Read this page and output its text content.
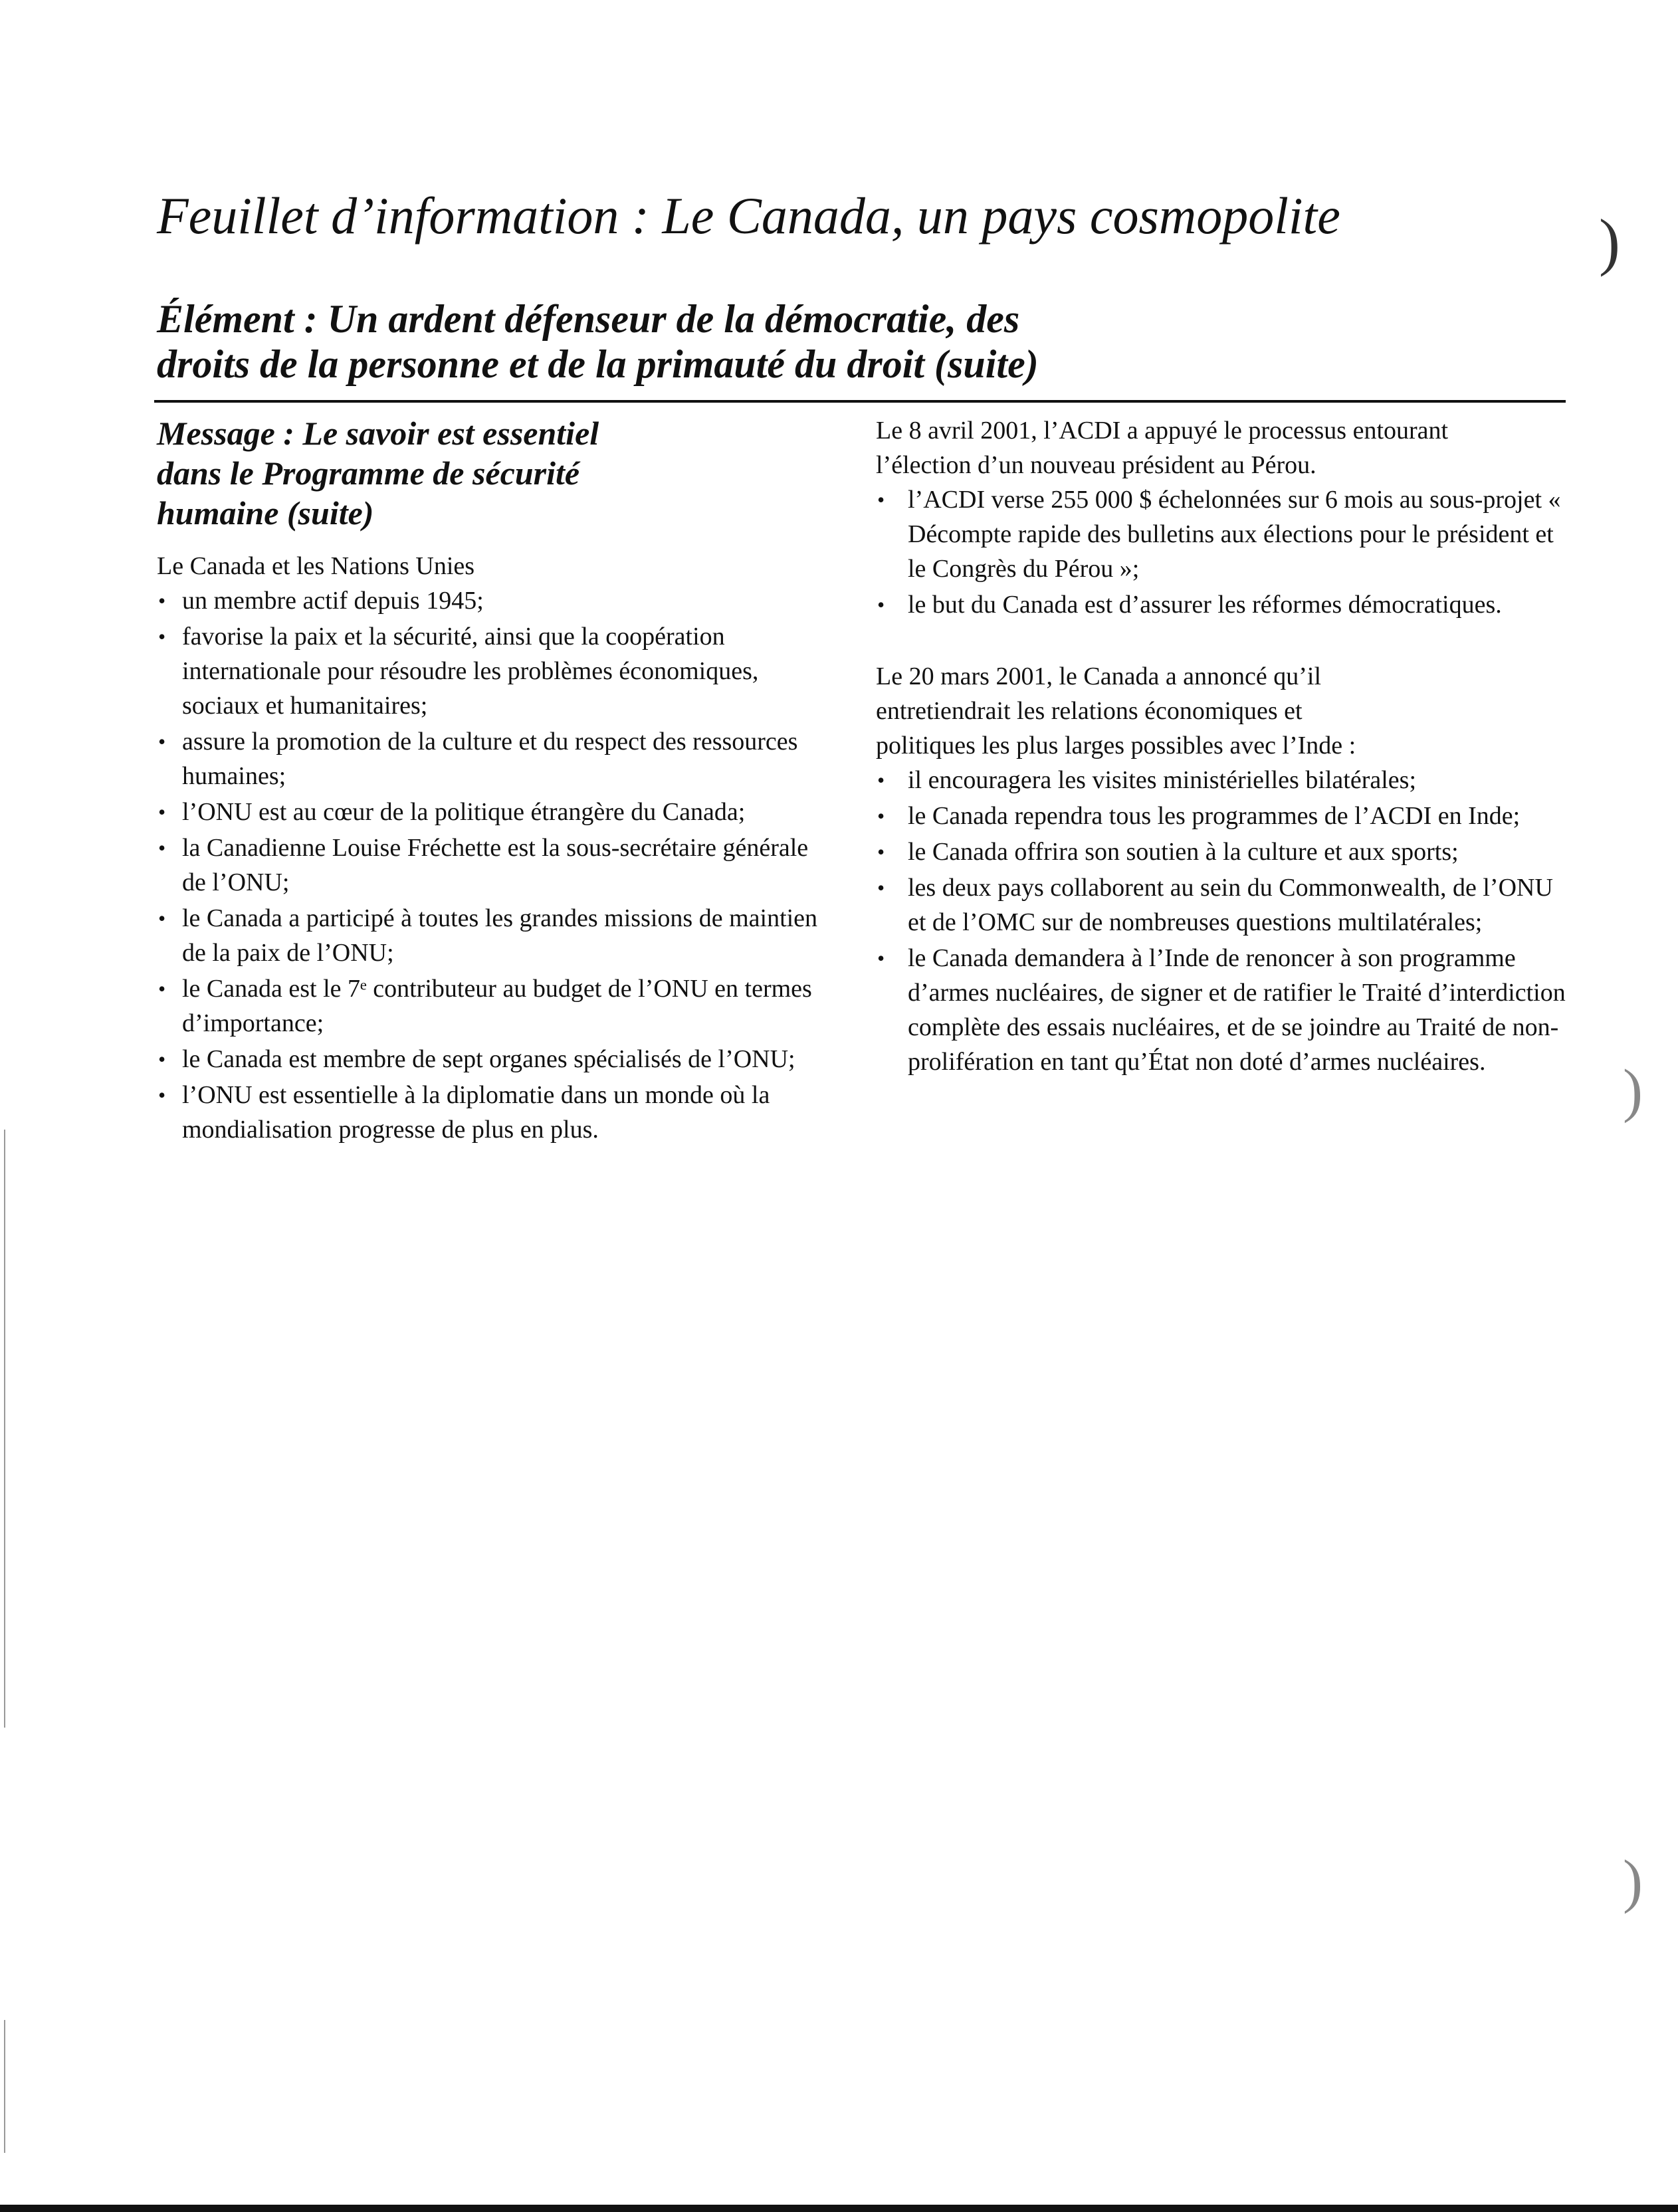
Feuillet d’information : Le Canada, un pays cosmopolite
Élément : Un ardent défenseur de la démocratie, des
droits de la personne et de la primauté du droit (suite)
Message : Le savoir est essentiel
dans le Programme de sécurité
humaine (suite)

Le Canada et les Nations Unies

• un membre actif depuis 1945;
• favorise la paix et la sécurité, ainsi que la coopération internationale pour résoudre les problèmes économiques, sociaux et humanitaires;
• assure la promotion de la culture et du respect des ressources humaines;
• l’ONU est au cœur de la politique étrangère du Canada;
• la Canadienne Louise Fréchette est la sous-secrétaire générale de l’ONU;
• le Canada a participé à toutes les grandes missions de maintien de la paix de l’ONU;
• le Canada est le 7ᵉ contributeur au budget de l’ONU en termes d’importance;
• le Canada est membre de sept organes spécialisés de l’ONU;
• l’ONU est essentielle à la diplomatie dans un monde où la mondialisation progresse de plus en plus.

Le 8 avril 2001, l’ACDI a appuyé le processus entourant
l’élection d’un nouveau président au Pérou.

• l’ACDI verse 255 000 $ échelonnées sur 6 mois au sous-projet « Décompte rapide des bulletins aux élections pour le président et le Congrès du Pérou »;
• le but du Canada est d’assurer les réformes démocratiques.

Le 20 mars 2001, le Canada a annoncé qu’il
entretiendrait les relations économiques et
politiques les plus larges possibles avec l’Inde :

• il encouragera les visites ministérielles bilatérales;
• le Canada rependra tous les programmes de l’ACDI en Inde;
• le Canada offrira son soutien à la culture et aux sports;
• les deux pays collaborent au sein du Commonwealth, de l’ONU et de l’OMC sur de nombreuses questions multilatérales;
• le Canada demandera à l’Inde de renoncer à son programme d’armes nucléaires, de signer et de ratifier le Traité d’interdiction complète des essais nucléaires, et de se joindre au Traité de non-prolifération en tant qu’État non doté d’armes nucléaires.
)
)
)
